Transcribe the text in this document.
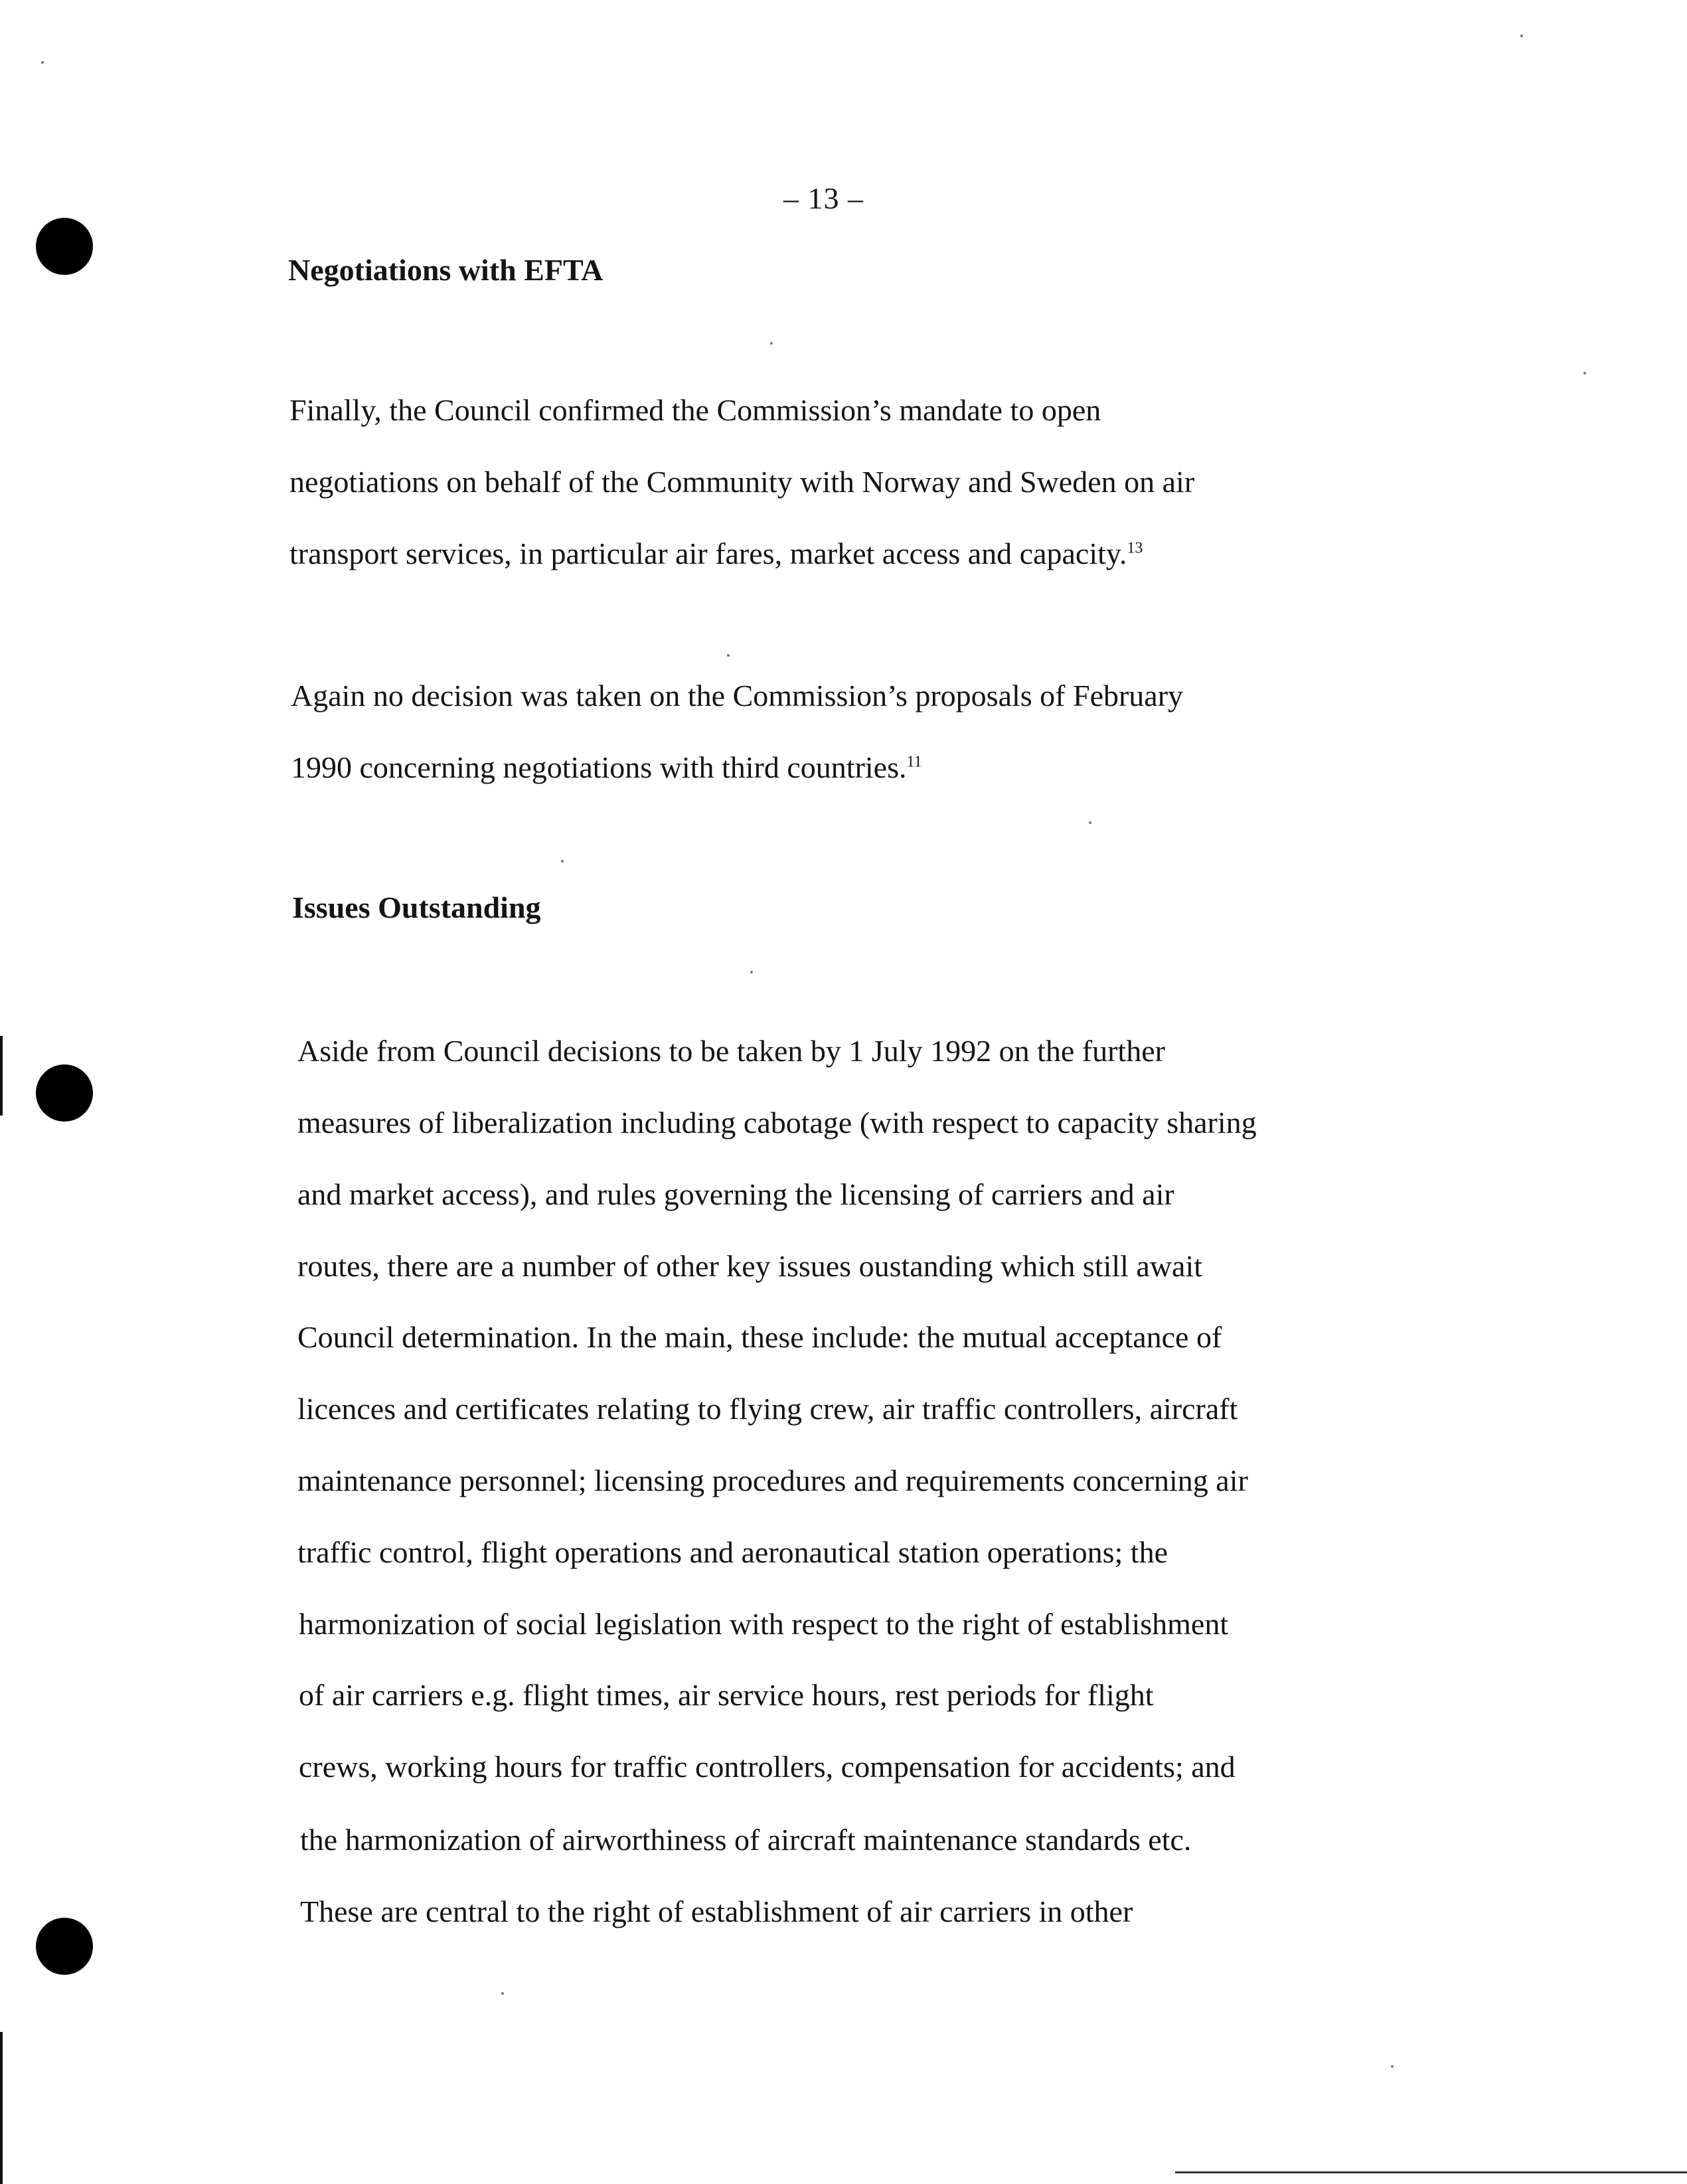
– 13 –
Negotiations with EFTA
Finally, the Council confirmed the Commission’s mandate to open
negotiations on behalf of the Community with Norway and Sweden on air
transport services, in particular air fares, market access and capacity.$^{13}$
Again no decision was taken on the Commission’s proposals of February
1990 concerning negotiations with third countries.$^{11}$
Issues Outstanding
Aside from Council decisions to be taken by 1 July 1992 on the further
measures of liberalization including cabotage (with respect to capacity sharing
and market access), and rules governing the licensing of carriers and air
routes, there are a number of other key issues oustanding which still await
Council determination. In the main, these include: the mutual acceptance of
licences and certificates relating to flying crew, air traffic controllers, aircraft
maintenance personnel; licensing procedures and requirements concerning air
traffic control, flight operations and aeronautical station operations; the
harmonization of social legislation with respect to the right of establishment
of air carriers e.g. flight times, air service hours, rest periods for flight
crews, working hours for traffic controllers, compensation for accidents; and
the harmonization of airworthiness of aircraft maintenance standards etc.
These are central to the right of establishment of air carriers in other
